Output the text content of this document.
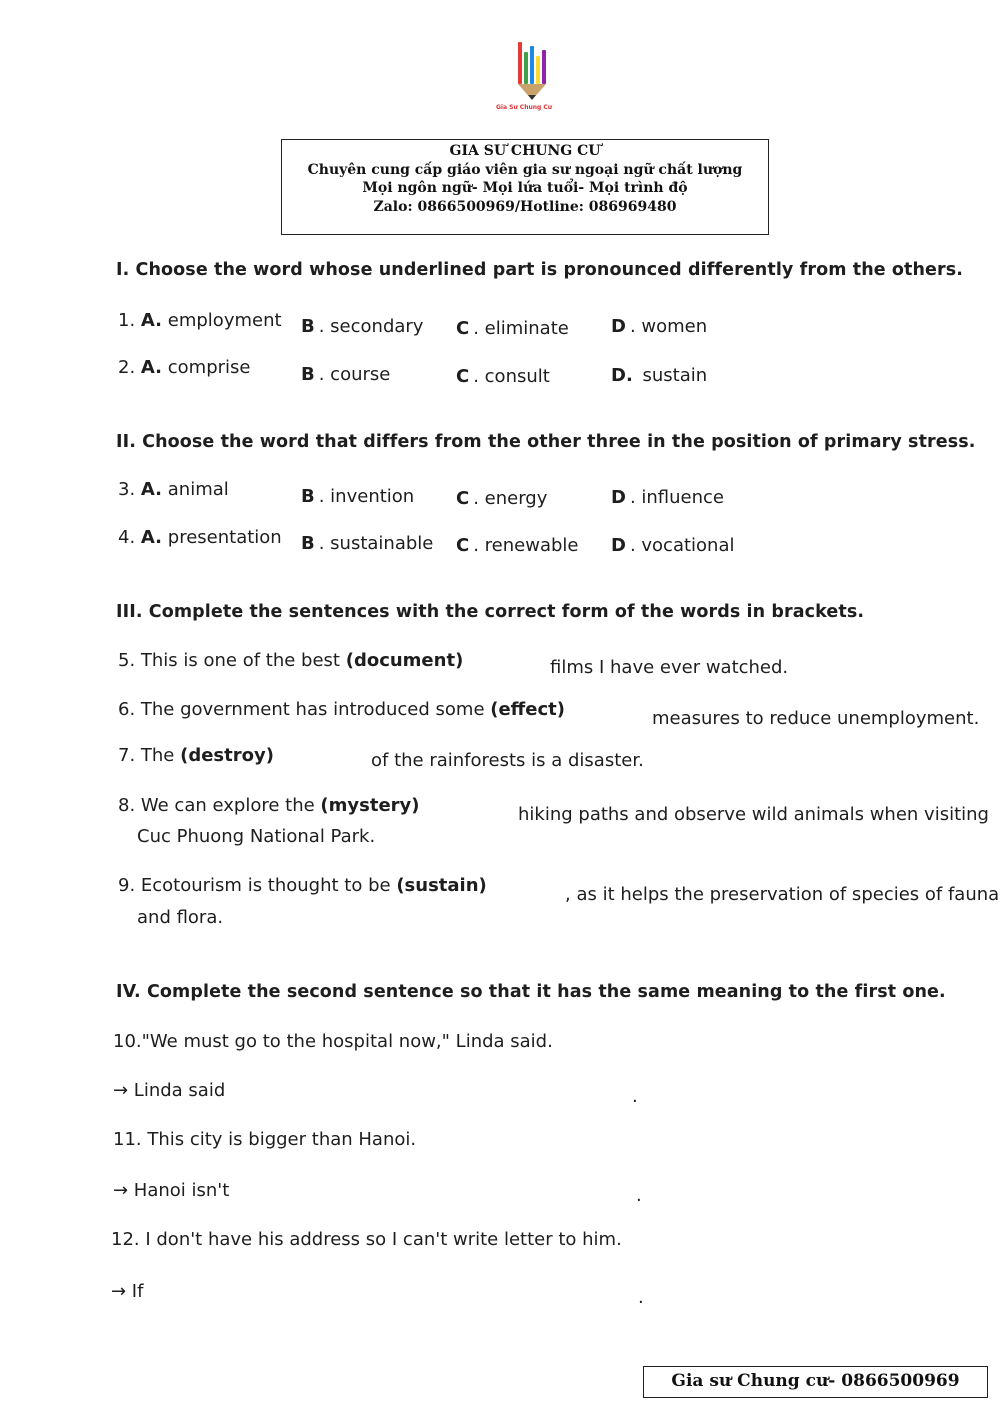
Gia Sư Chung Cư
GIA SƯ CHUNG CƯ
Chuyên cung cấp giáo viên gia sư ngoại ngữ chất lượng
Mọi ngôn ngữ- Mọi lứa tuổi- Mọi trình độ
Zalo: 0866500969/Hotline: 086969480
I. Choose the word whose underlined part is pronounced differently from the others.
1. A. employment B . secondary C . eliminate D . women
2. A. comprise	B . course	C . consult	D. sustain
II. Choose the word that differs from the other three in the position of primary stress.
3. A. animal	B . invention C . energy	D . influence
4. A. presentation B . sustainable C . renewable D . vocational
III. Complete the sentences with the correct form of the words in brackets.
5. This is one of the best (document)	films I have ever watched.
6. The government has introduced some (effect)	measures to reduce unemployment.
7. The (destroy)	of the rainforests is a disaster.
8. We can explore the (mystery)	hiking paths and observe wild animals when visiting
Cuc Phuong National Park.
9. Ecotourism is thought to be (sustain)	, as it helps the preservation of species of fauna
and flora.
IV. Complete the second sentence so that it has the same meaning to the first one.
10."We must go to the hospital now," Linda said.
→ Linda said	.
11. This city is bigger than Hanoi.
→ Hanoi isn't	.
12. I don't have his address so I can't write letter to him.
→ If	.
Gia sư Chung cư- 0866500969
